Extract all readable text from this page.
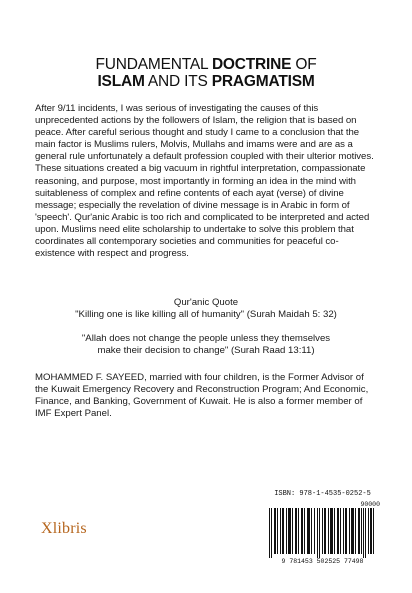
FUNDAMENTAL DOCTRINE OF
ISLAM AND ITS PRAGMATISM
After 9/11 incidents, I was serious of investigating the causes of this unprecedented actions by the followers of Islam, the religion that is based on peace. After careful serious thought and study I came to a conclusion that the main factor is Muslims rulers, Molvis, Mullahs and imams were and are as a general rule unfortunately a default profession coupled with their ulterior motives. These situations created a big vacuum in rightful interpretation, compassionate reasoning, and purpose, most importantly in forming an idea in the mind with suitableness of complex and refine contents of each ayat (verse) of divine message; especially the revelation of divine message is in Arabic in form of 'speech'. Qur'anic Arabic is too rich and complicated to be interpreted and acted upon. Muslims need elite scholarship to undertake to solve this problem that coordinates all contemporary societies and communities for peaceful co-existence with respect and progress.
Qur'anic Quote
"Killing one is like killing all of humanity" (Surah Maidah 5: 32)
"Allah does not change the people unless they themselves
make their decision to change" (Surah Raad 13:11)
MOHAMMED F. SAYEED, married with four children, is the Former Advisor of the Kuwait Emergency Recovery and Reconstruction Program; And Economic, Finance, and Banking, Government of Kuwait. He is also a former member of IMF Expert Panel.
Xlibris
ISBN: 978-1-4535-0252-5
90000
9 781453 502525 77498
